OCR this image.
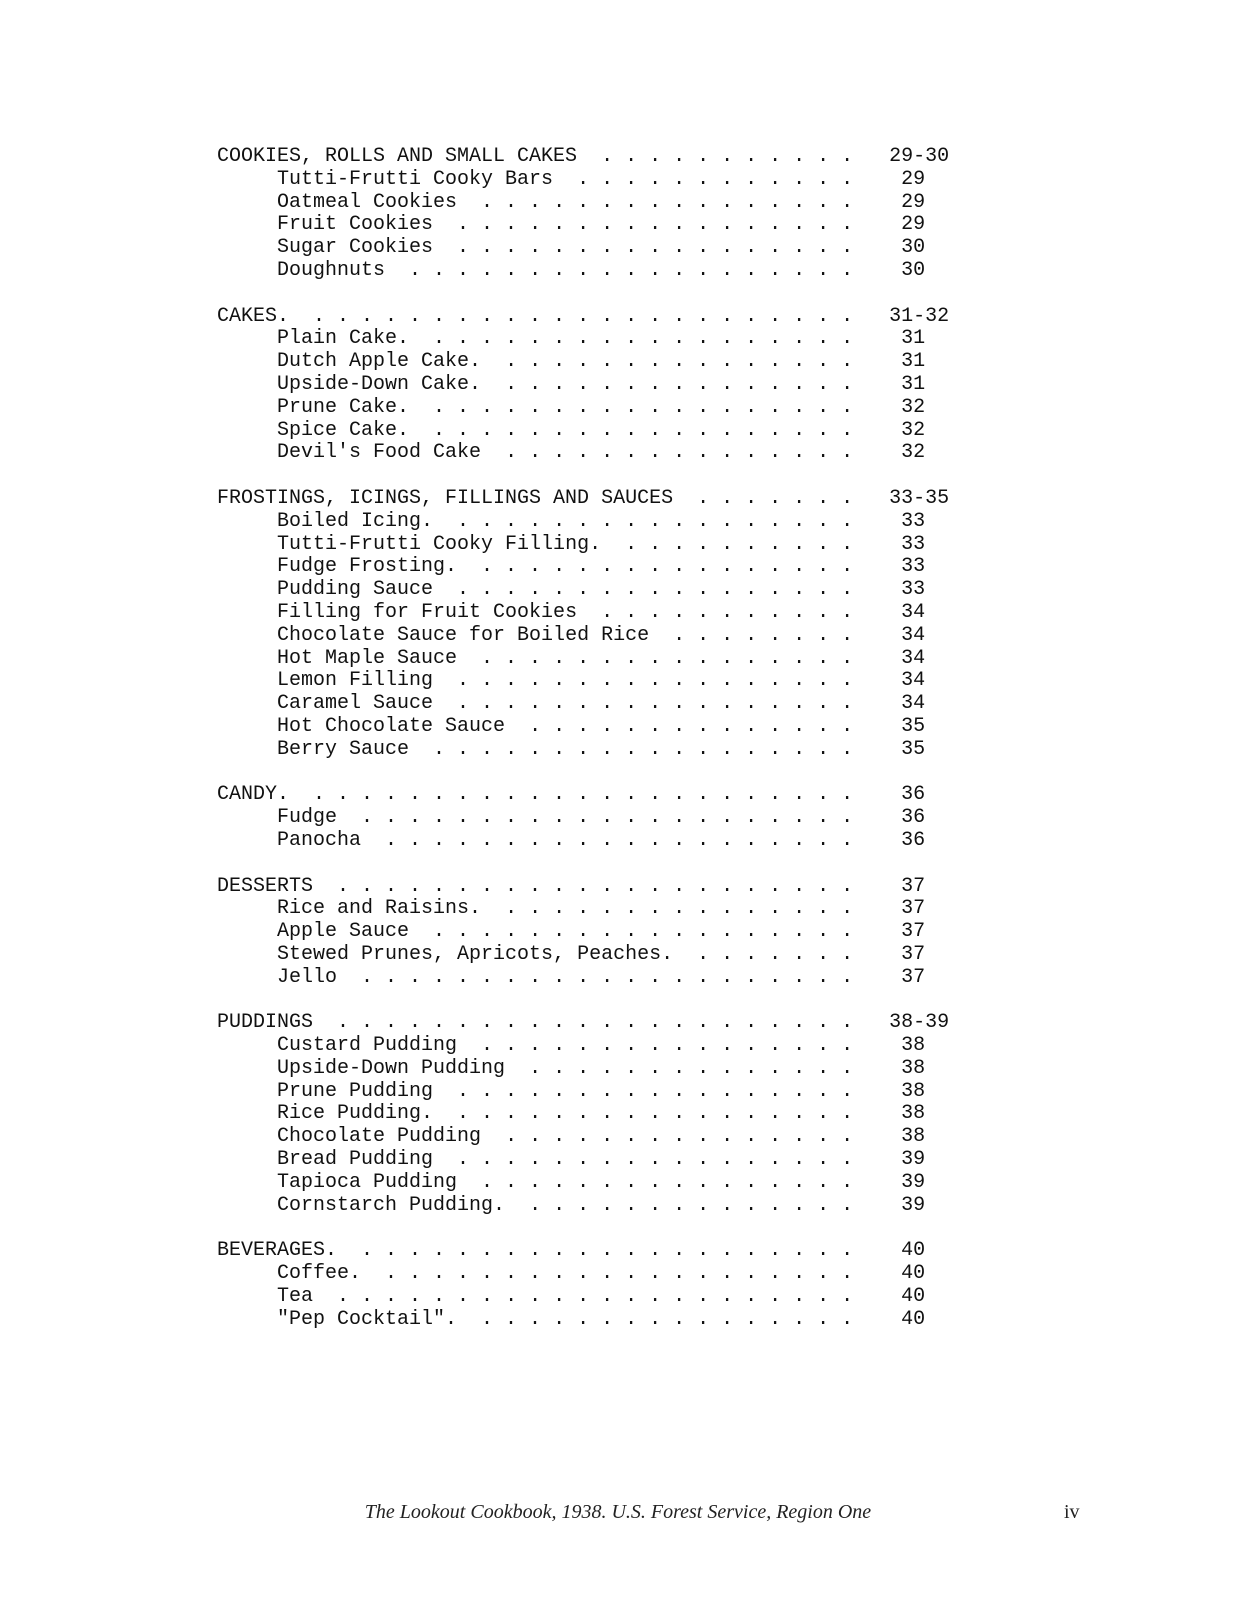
COOKIES, ROLLS AND SMALL CAKES  . . . . . . . . . . .   29-30
Tutti-Frutti Cooky Bars  . . . . . . . . . . . .    29
Oatmeal Cookies  . . . . . . . . . . . . . . . .    29
Fruit Cookies  . . . . . . . . . . . . . . . . .    29
Sugar Cookies  . . . . . . . . . . . . . . . . .    30
Doughnuts  . . . . . . . . . . . . . . . . . . .    30
CAKES.  . . . . . . . . . . . . . . . . . . . . . . .   31-32
Plain Cake.  . . . . . . . . . . . . . . . . . .    31
Dutch Apple Cake.  . . . . . . . . . . . . . . .    31
Upside-Down Cake.  . . . . . . . . . . . . . . .    31
Prune Cake.  . . . . . . . . . . . . . . . . . .    32
Spice Cake.  . . . . . . . . . . . . . . . . . .    32
Devil's Food Cake  . . . . . . . . . . . . . . .    32
FROSTINGS, ICINGS, FILLINGS AND SAUCES  . . . . . . .   33-35
Boiled Icing.  . . . . . . . . . . . . . . . . .    33
Tutti-Frutti Cooky Filling.  . . . . . . . . . .    33
Fudge Frosting.  . . . . . . . . . . . . . . . .    33
Pudding Sauce  . . . . . . . . . . . . . . . . .    33
Filling for Fruit Cookies  . . . . . . . . . . .    34
Chocolate Sauce for Boiled Rice  . . . . . . . .    34
Hot Maple Sauce  . . . . . . . . . . . . . . . .    34
Lemon Filling  . . . . . . . . . . . . . . . . .    34
Caramel Sauce  . . . . . . . . . . . . . . . . .    34
Hot Chocolate Sauce  . . . . . . . . . . . . . .    35
Berry Sauce  . . . . . . . . . . . . . . . . . .    35
CANDY.  . . . . . . . . . . . . . . . . . . . . . . .    36
Fudge  . . . . . . . . . . . . . . . . . . . . .    36
Panocha  . . . . . . . . . . . . . . . . . . . .    36
DESSERTS  . . . . . . . . . . . . . . . . . . . . . .    37
Rice and Raisins.  . . . . . . . . . . . . . . .    37
Apple Sauce  . . . . . . . . . . . . . . . . . .    37
Stewed Prunes, Apricots, Peaches.  . . . . . . .    37
Jello  . . . . . . . . . . . . . . . . . . . . .    37
PUDDINGS  . . . . . . . . . . . . . . . . . . . . . .   38-39
Custard Pudding  . . . . . . . . . . . . . . . .    38
Upside-Down Pudding  . . . . . . . . . . . . . .    38
Prune Pudding  . . . . . . . . . . . . . . . . .    38
Rice Pudding.  . . . . . . . . . . . . . . . . .    38
Chocolate Pudding  . . . . . . . . . . . . . . .    38
Bread Pudding  . . . . . . . . . . . . . . . . .    39
Tapioca Pudding  . . . . . . . . . . . . . . . .    39
Cornstarch Pudding.  . . . . . . . . . . . . . .    39
BEVERAGES.  . . . . . . . . . . . . . . . . . . . . .    40
Coffee.  . . . . . . . . . . . . . . . . . . . .    40
Tea  . . . . . . . . . . . . . . . . . . . . . .    40
"Pep Cocktail".  . . . . . . . . . . . . . . . .    40
The Lookout Cookbook, 1938. U.S. Forest Service, Region One	iv
